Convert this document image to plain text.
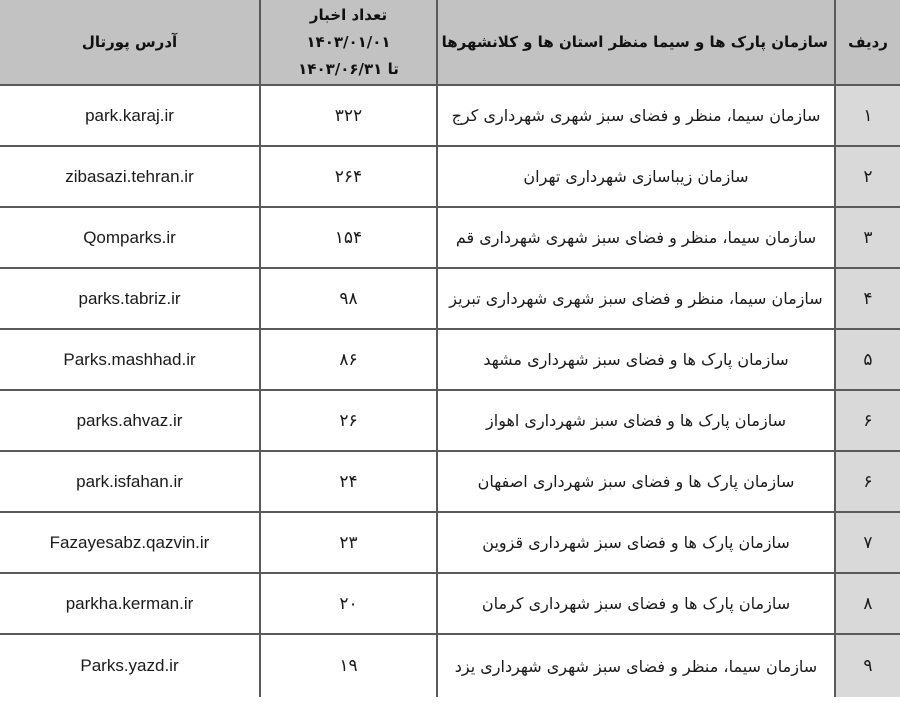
آدرس پورتال	تعداد اخبار
۱۴۰۳/۰۱/۰۱
تا ۱۴۰۳/۰۶/۳۱	سازمان پارک ها و سیما منظر استان ها و کلانشهرها	ردیف
park.karaj.ir	۳۲۲	سازمان سیما، منظر و فضای سبز شهری شهرداری کرج	۱
zibasazi.tehran.ir	۲۶۴	سازمان زیباسازی شهرداری تهران	۲
Qomparks.ir	۱۵۴	سازمان سیما، منظر و فضای سبز شهری شهرداری قم	۳
parks.tabriz.ir	۹۸	سازمان سیما، منظر و فضای سبز شهری شهرداری تبریز	۴
Parks.mashhad.ir	۸۶	سازمان پارک ها و فضای سبز شهرداری مشهد	۵
parks.ahvaz.ir	۲۶	سازمان پارک ها و فضای سبز شهرداری اهواز	۶
park.isfahan.ir	۲۴	سازمان پارک ها و فضای سبز شهرداری اصفهان	۶
Fazayesabz.qazvin.ir	۲۳	سازمان پارک ها و فضای سبز شهرداری قزوین	۷
parkha.kerman.ir	۲۰	سازمان پارک ها و فضای سبز شهرداری کرمان	۸
Parks.yazd.ir	۱۹	سازمان سیما، منظر و فضای سبز شهری شهرداری یزد	۹
